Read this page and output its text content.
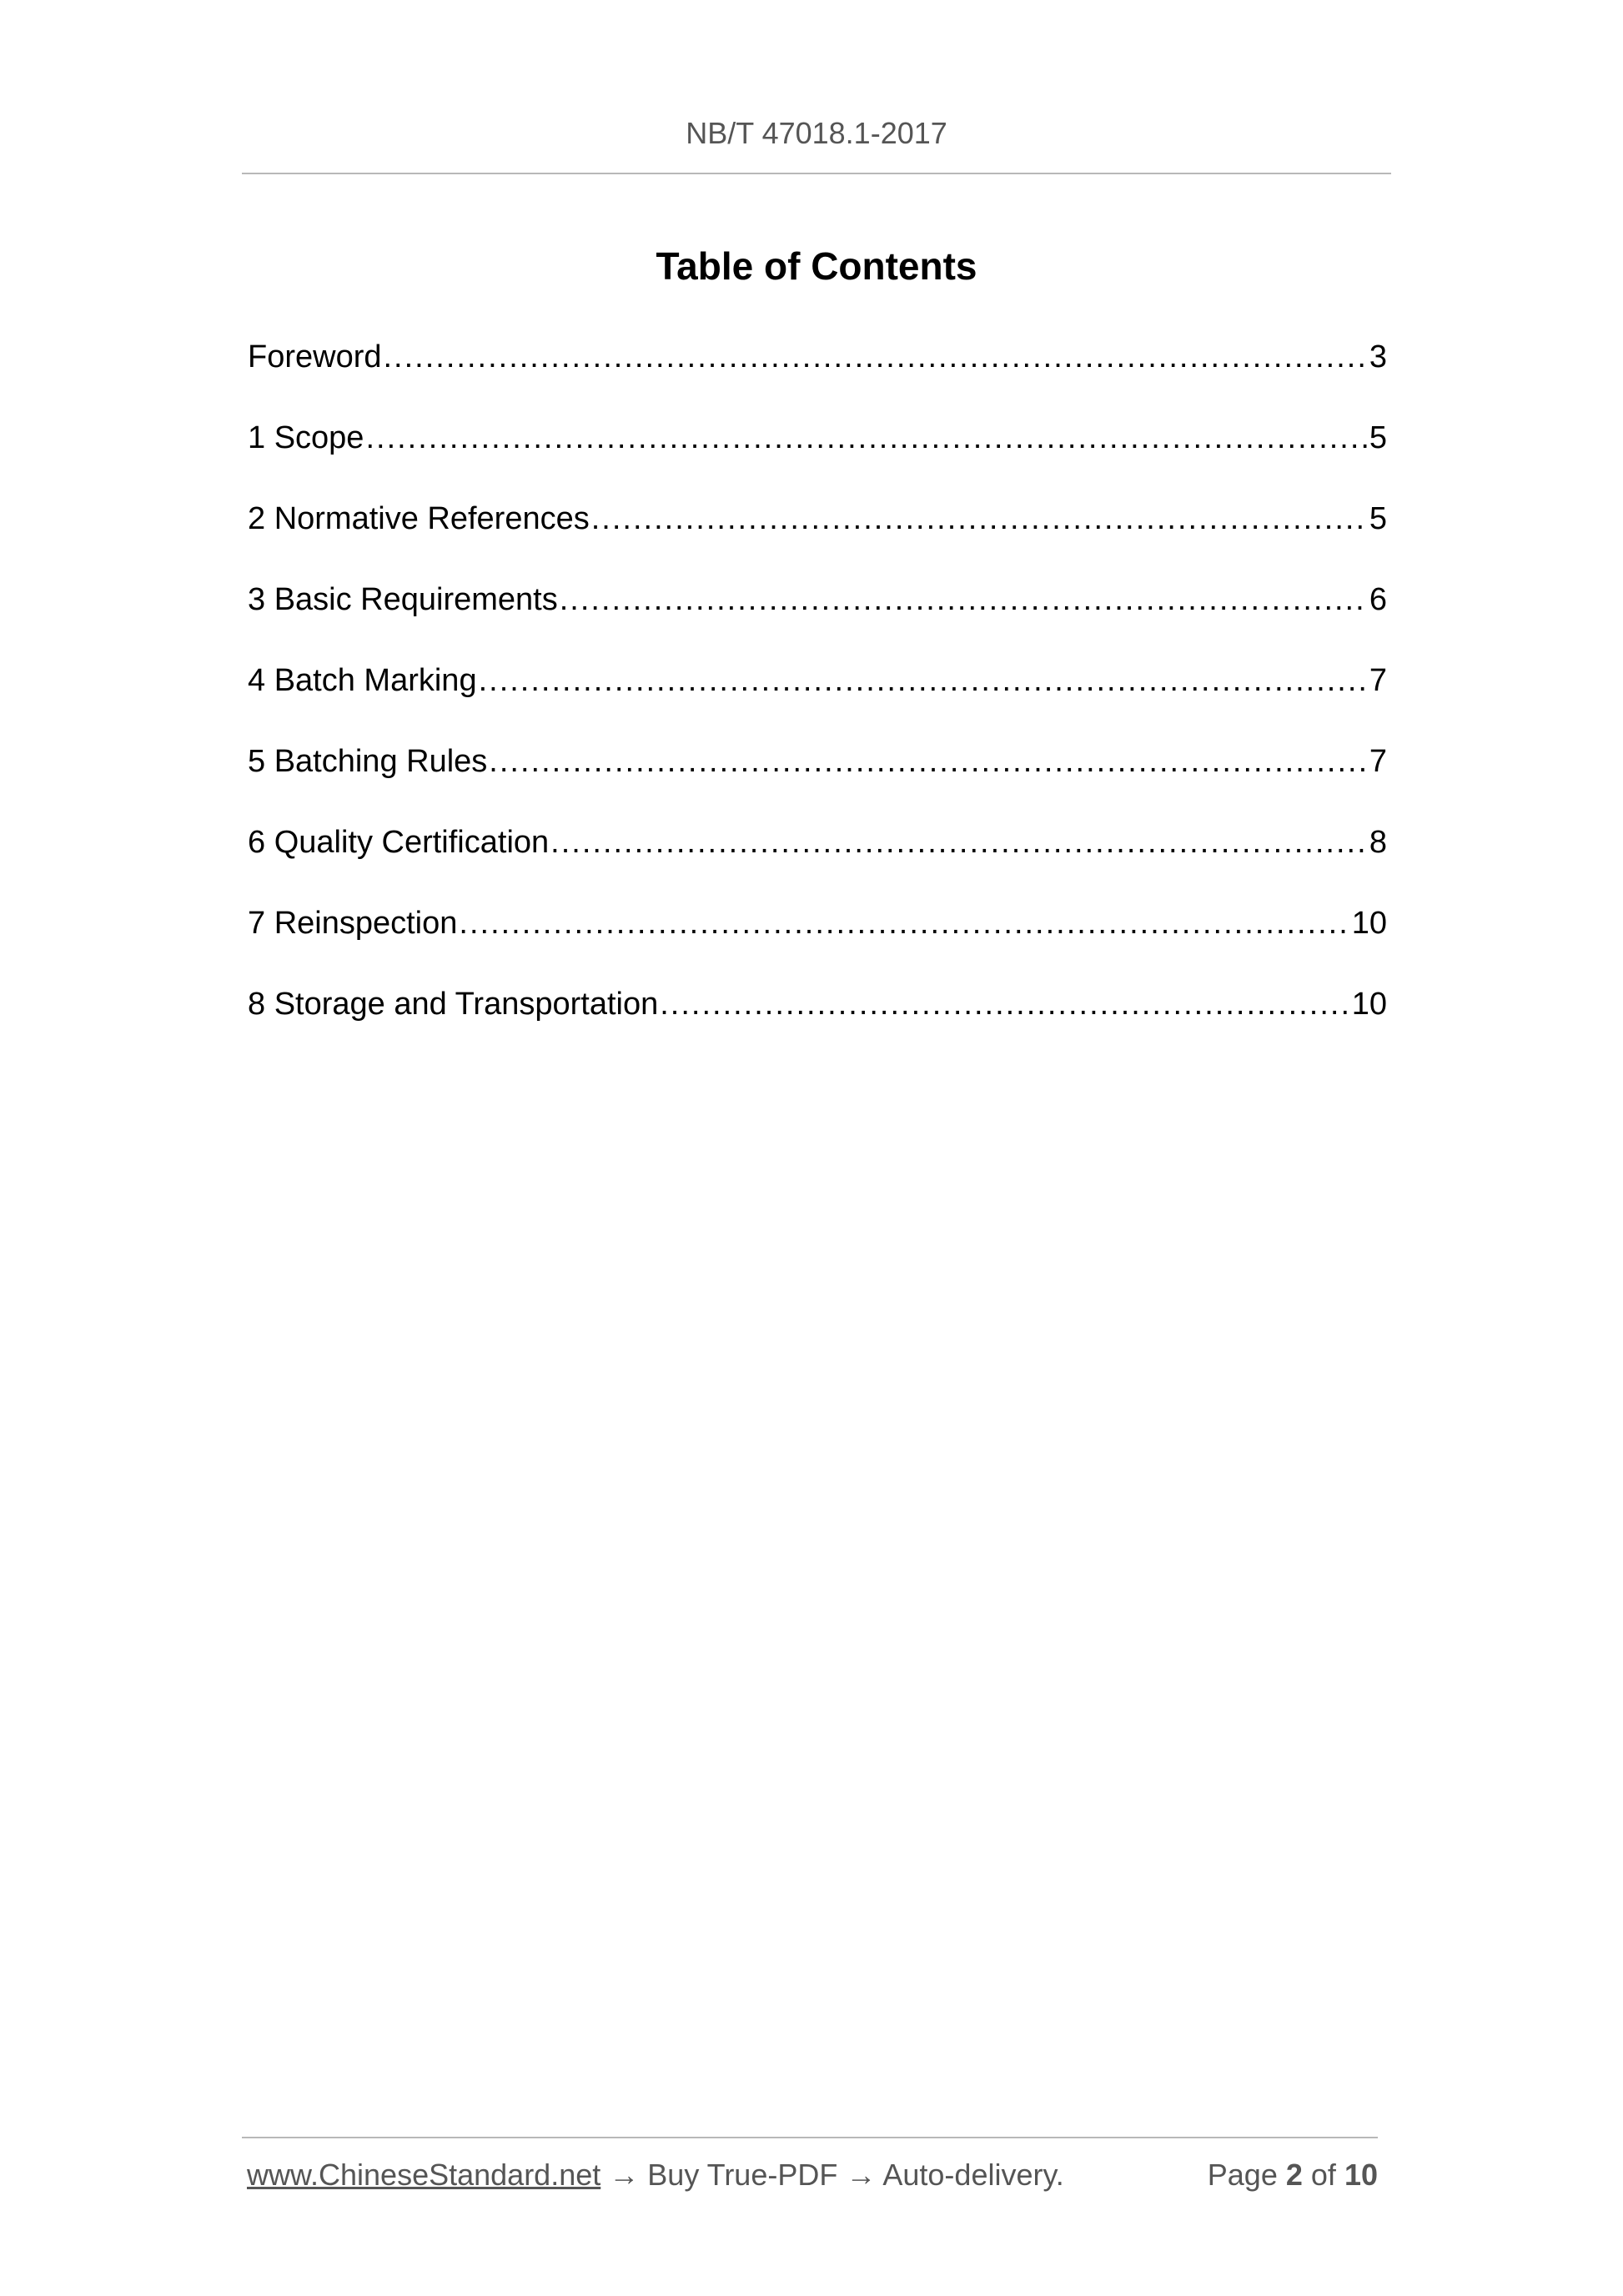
NB/T 47018.1-2017
Table of Contents
Foreword .....	3
1 Scope .....	5
2 Normative References .....	5
3 Basic Requirements .....	6
4 Batch Marking .....	7
5 Batching Rules .....	7
6 Quality Certification .....	8
7 Reinspection .....	10
8 Storage and Transportation .....	10
www.ChineseStandard.net → Buy True-PDF → Auto-delivery.	Page 2 of 10
